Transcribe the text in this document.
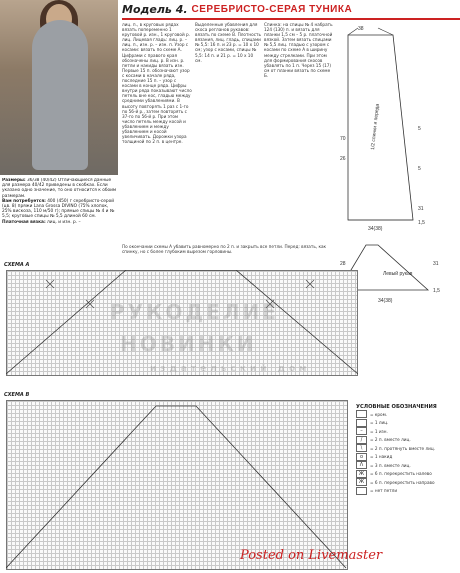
Модель 4. СЕРЕБРИСТО-СЕРАЯ ТУНИКА
Размеры: 36/38 (40/42) Отличающиеся данные для размера 40/42 приведены в скобках. Если указано одно значение, то оно относится к обоим размерам.
Вам потребуется: 400 (450) г серебристо-серой (цв. 8) пряжи Lana Grossa DIVINO (75% хлопок, 25% вискоза, 110 м/50 г); прямые спицы № 4 и № 5,5; круговые спицы № 5,5 длиной 60 см.
Платочная вязка: лиц. и изн. р. –
лиц. п., в круговых рядах вязать попеременно 1 круговой р. изн., 1 круговой р. лиц. Лицевая гладь: лиц. р. – лиц. п., изн. р. – изн. п. Узор с косами: вязать по схеме А. Цифрами с правого края обозначены лиц. р. В изн. р. петли и накиды вязать изн. Первые 15 п. обозначают узор с косами в начале ряда, последние 15 п. – узор с косами в конце ряда. Цифры внутри ряда показывают число петель вне кос, гладью между средними убавлениями. В высоту повторять 1 раз с 1-го по 56-й р., затем повторять с 37-го по 56-й р. При этом число петель между косой и убавлением и между убавлением и косой увеличивать. Дорожки узора толщиной по 2 п. в центре.
Выделенные убавления для скоса регланов рукавов: вязать по схеме В. Плотность вязания, лиц. гладь, спицами № 5,5: 16 п. и 23 р. = 10 х 10 см; узор с косами, спицы № 5,5: 14 п. и 21 р. = 10 х 10 см.
Спинка: на спицы № 4 набрать 124 (130) п. и вязать для планки 1,5 см – 5 р. платочной вязкой. Затем вязать спицами № 5,5 лиц. гладью с узором с косами по схеме А в ширину между стрелками. При этом для формирования скосов убавлять по 1 п. Через 15 (17) см от планки вязать по схеме Б.
По окончании схемы A убавить равномерно по 2 п. и закрыть все петли. Перед: вязать, как спинку, но с более глубоким вырезом горловины.
1/2 спинки и переда
38
70
26
5
5
31
34(38)
1,5
Левый рукав
28	31
34(38)
1,5
СХЕМА А
РУКОДЕЛИЕ
НОВИНКИ
издательский дом
СХЕМА В
УСЛОВНЫЕ ОБОЗНАЧЕНИЯ
= кром.
= 1 лиц.
–	= 1 изн.
/	= 2 п. вместе лиц.
\	= 2 п. протянуть вместе лиц.
o	= 1 накид
Λ	= 3 п. вместе лиц.
Ж	= 6 п. перекрестить налево
Ж	= 6 п. перекрестить направо
= нет петли
Posted on Livemaster
